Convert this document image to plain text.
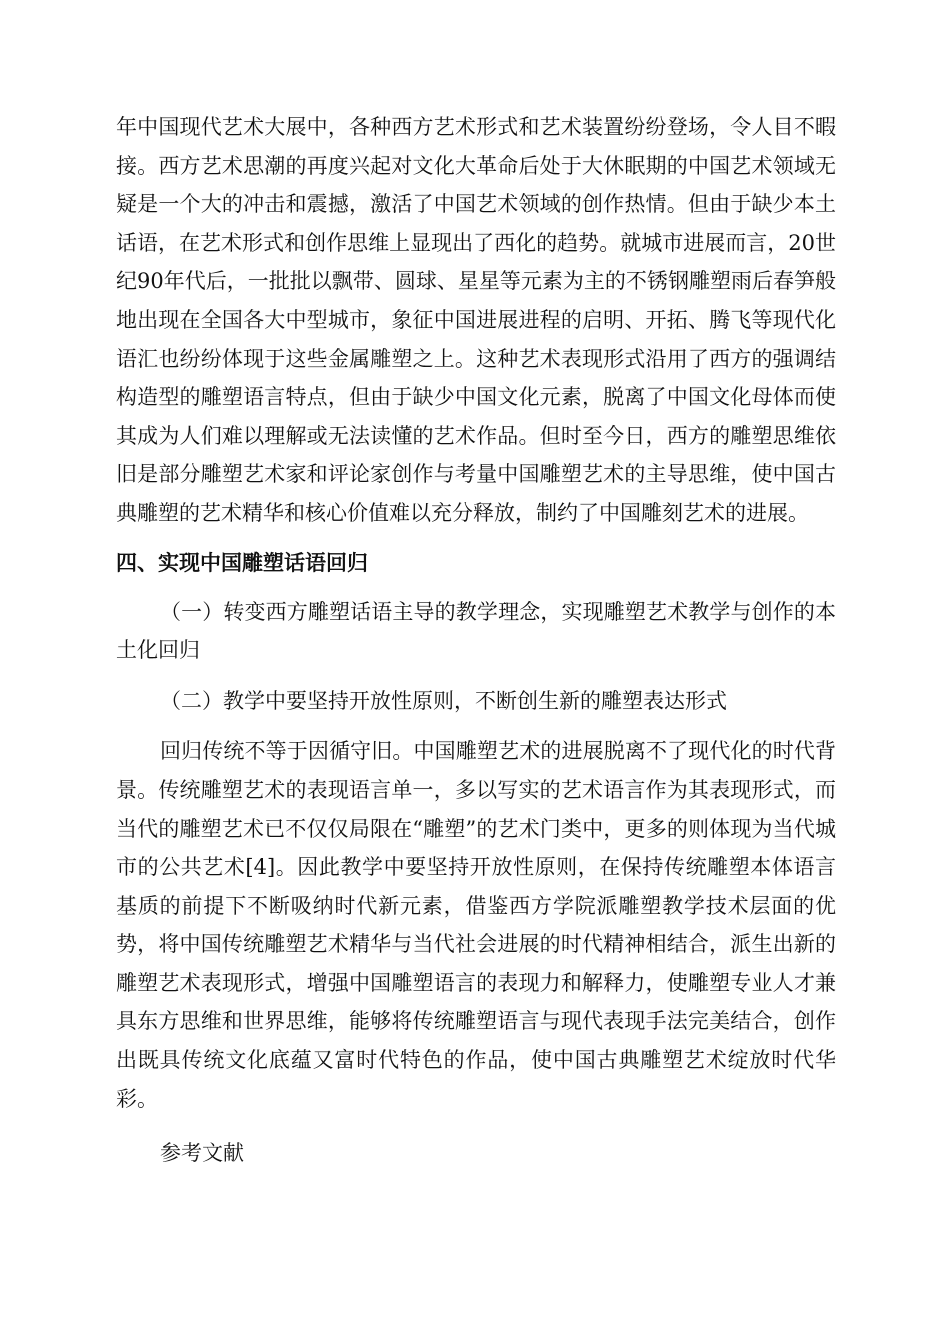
年中国现代艺术大展中，各种西方艺术形式和艺术装置纷纷登场，令人目不暇接。西方艺术思潮的再度兴起对文化大革命后处于大休眠期的中国艺术领域无疑是一个大的冲击和震撼，激活了中国艺术领域的创作热情。但由于缺少本土话语，在艺术形式和创作思维上显现出了西化的趋势。就城市进展而言，20世纪90年代后，一批批以飘带、圆球、星星等元素为主的不锈钢雕塑雨后春笋般地出现在全国各大中型城市，象征中国进展进程的启明、开拓、腾飞等现代化语汇也纷纷体现于这些金属雕塑之上。这种艺术表现形式沿用了西方的强调结构造型的雕塑语言特点，但由于缺少中国文化元素，脱离了中国文化母体而使其成为人们难以理解或无法读懂的艺术作品。但时至今日，西方的雕塑思维依旧是部分雕塑艺术家和评论家创作与考量中国雕塑艺术的主导思维，使中国古典雕塑的艺术精华和核心价值难以充分释放，制约了中国雕刻艺术的进展。

四、实现中国雕塑话语回归

（一）转变西方雕塑话语主导的教学理念，实现雕塑艺术教学与创作的本土化回归

（二）教学中要坚持开放性原则，不断创生新的雕塑表达形式

回归传统不等于因循守旧。中国雕塑艺术的进展脱离不了现代化的时代背景。传统雕塑艺术的表现语言单一，多以写实的艺术语言作为其表现形式，而当代的雕塑艺术已不仅仅局限在“雕塑”的艺术门类中，更多的则体现为当代城市的公共艺术[4]。因此教学中要坚持开放性原则，在保持传统雕塑本体语言基质的前提下不断吸纳时代新元素，借鉴西方学院派雕塑教学技术层面的优势，将中国传统雕塑艺术精华与当代社会进展的时代精神相结合，派生出新的雕塑艺术表现形式，增强中国雕塑语言的表现力和解释力，使雕塑专业人才兼具东方思维和世界思维，能够将传统雕塑语言与现代表现手法完美结合，创作出既具传统文化底蕴又富时代特色的作品，使中国古典雕塑艺术绽放时代华彩。

参考文献
